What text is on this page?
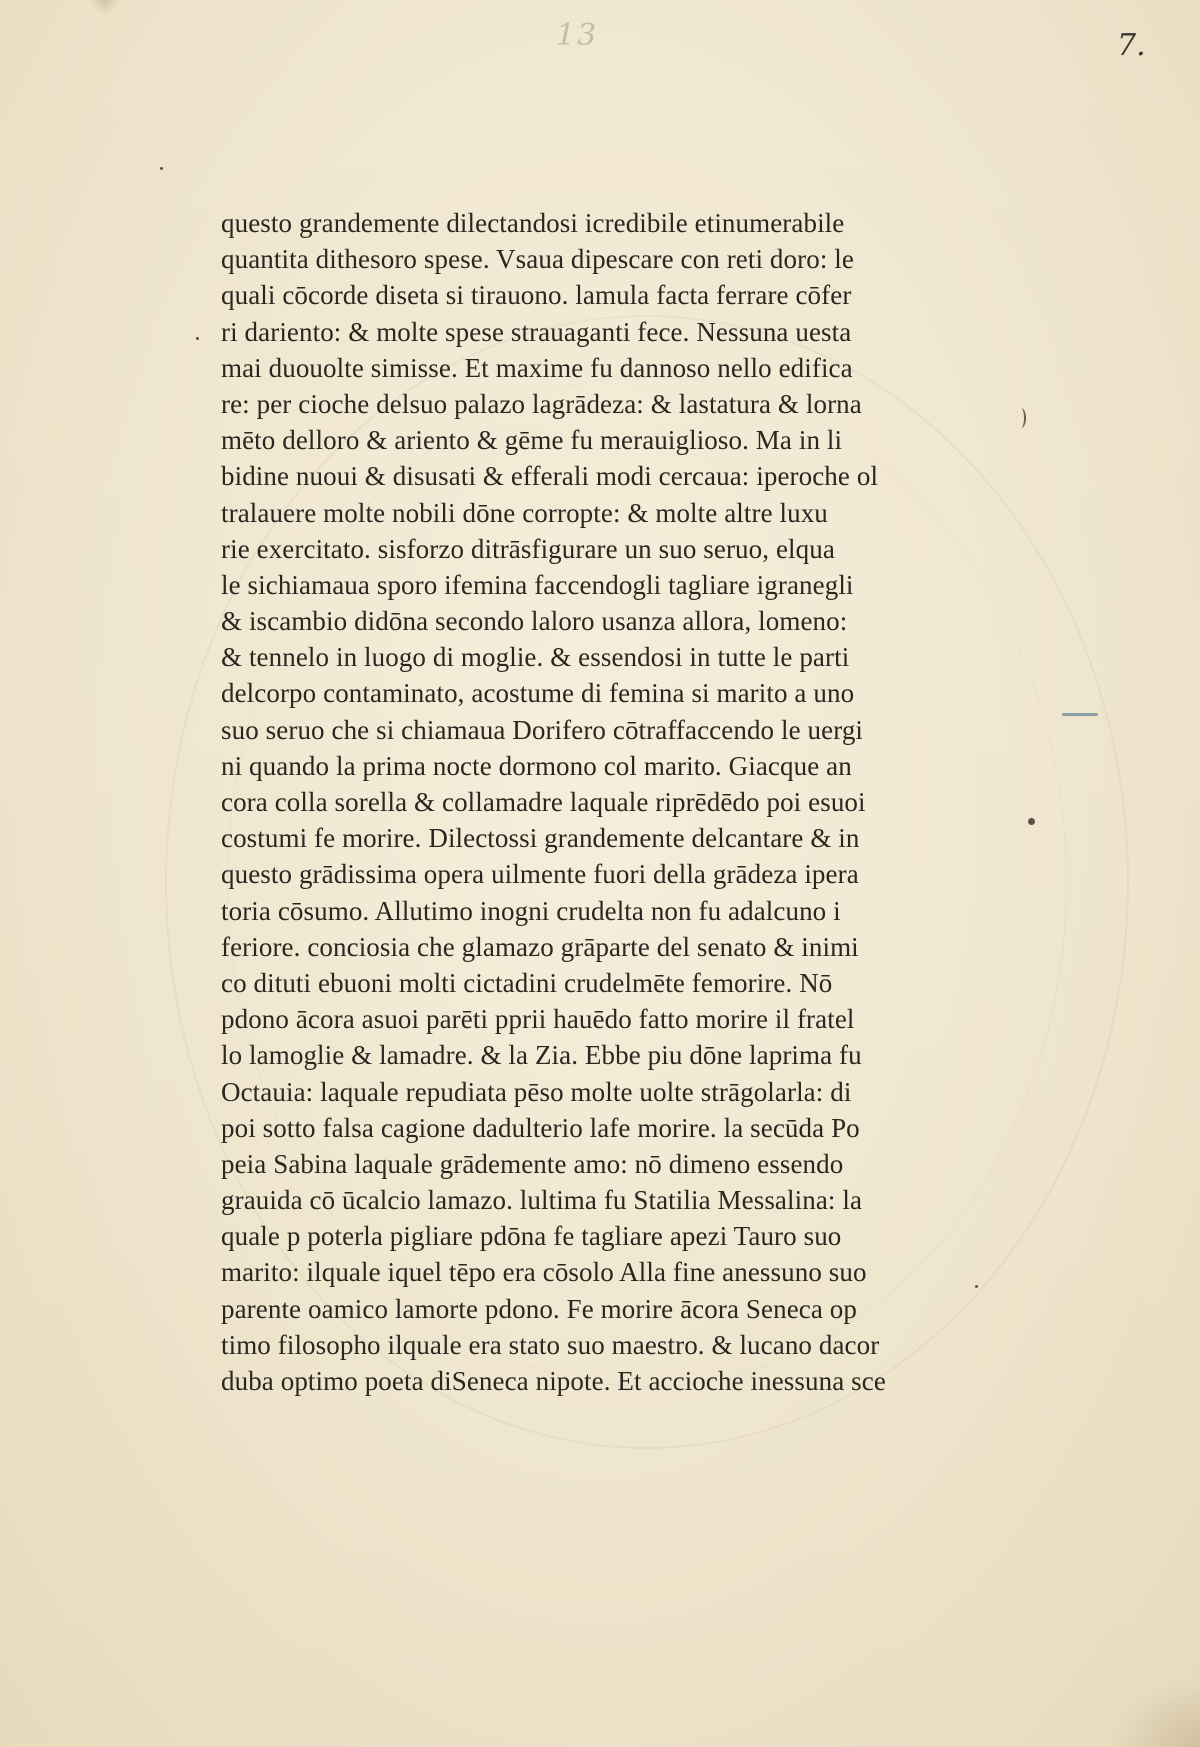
13	7.
questo grandemente dilectandosi icredibile etinumerabile
quantita dithesoro spese. Vsaua dipescare con reti doro: le
quali cōcorde diseta si tirauono. lamula facta ferrare cōfer
ri dariento: & molte spese strauaganti fece. Nessuna uesta
mai duouolte simisse. Et maxime fu dannoso nello edifica
re: per cioche delsuo palazo lagrādeza: & lastatura & lorna
mēto delloro & ariento & gēme fu merauiglioso. Ma in li
bidine nuoui & disusati & efferali modi cercaua: iperoche ol
tralauere molte nobili dōne corropte: & molte altre luxu
rie exercitato. sisforzo ditrāsfigurare un suo seruo, elqua
le sichiamaua sporo ifemina faccendogli tagliare igranegli
& iscambio didōna secondo laloro usanza allora, lomeno:
& tennelo in luogo di moglie. & essendosi in tutte le parti
delcorpo contaminato, acostume di femina si marito a uno
suo seruo che si chiamaua Dorifero cōtraffaccendo le uergi
ni quando la prima nocte dormono col marito. Giacque an
cora colla sorella & collamadre laquale riprēdēdo poi esuoi
costumi fe morire. Dilectossi grandemente delcantare & in
questo grādissima opera uilmente fuori della grādeza ipera
toria cōsumo. Allutimo inogni crudelta non fu adalcuno i
feriore. conciosia che glamazo grāparte del senato & inimi
co dituti ebuoni molti cictadini crudelmēte femorire. Nō
pdono ācora asuoi parēti pprii hauēdo fatto morire il fratel
lo lamoglie & lamadre. & la Zia. Ebbe piu dōne laprima fu
Octauia: laquale repudiata pēso molte uolte strāgolarla: di
poi sotto falsa cagione dadulterio lafe morire. la secūda Po
peia Sabina laquale grādemente amo: nō dimeno essendo
grauida cō ūcalcio lamazo. lultima fu Statilia Messalina: la
quale p poterla pigliare pdōna fe tagliare apezi Tauro suo
marito: ilquale iquel tēpo era cōsolo Alla fine anessuno suo
parente oamico lamorte pdono. Fe morire ācora Seneca op
timo filosopho ilquale era stato suo maestro. & lucano dacor
duba optimo poeta diSeneca nipote. Et accioche inessuna sce
